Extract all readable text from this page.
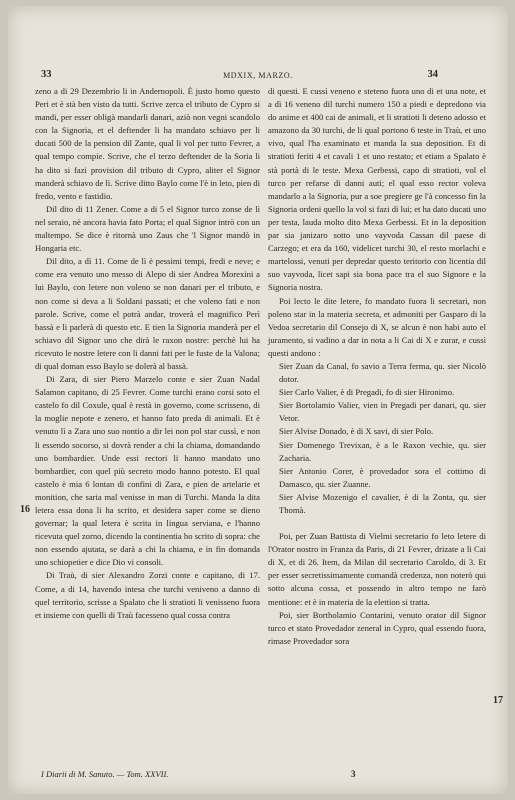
33	MDXIX, MARZO.	34

zeno a di 29 Dezembrio li in Andernopoli. È justo homo questo Peri et è stà ben visto da tutti. Scrive zerca el tributo de Cypro si mandi, per esser obligà mandarli danari, aziò non vegni scandolo con la Signoria, et el deftender li ha mandato schiavo per li ducati 500 de la pension dil Zante, qual li vol per tutto Fevrer, a qual tempo compie. Scrive, che el terzo deftender de la Soria li ha dito si fazi provision dil tributo di Cypro, aliter el Signor manderà schiavo de lì. Scrive ditto Baylo come l'è in leto, pien di fredo, vento e fastidio.

Dil dito di 11 Zener. Come a di 5 el Signor turco zonse de lì nel seraio, nè ancora havia fato Porta; el qual Signor intrò con un maltempo. Se dice è ritornà uno Zaus che 'l Signor mandò in Hongaria etc.

Dil dito, a dì 11. Come de lì è pessimi tempi, fredi e neve; e come era venuto uno messo di Alepo di sier Andrea Morexini a lui Baylo, con letere non voleno se non danari per el tributo, e non come si deva a li Soldani passati; et che voleno fati e non parole. Scrive, come el potrà andar, troverà el magnifico Perì bassà e li parlerà di questo etc. E tien la Signoria manderà per el schiavo dil Signor uno che dirà le raxon nostre: perchè lui ha ricevuto le nostre letere con li danni fati per le fuste de la Valona; di qual doman esso Baylo se dolerà al bassà.

Di Zara, di sier Piero Marzelo conte e sier Zuan Nadal Salamon capitano, di 25 Fevrer. Come turchi erano corsi soto el castelo fo dil Coxule, qual è restà in governo, come scrisseno, di la moglie nepote e zenero, et hanno fato preda di animali. Et è venuto lì a Zara uno suo nontio a dir lei non pol star cussì, e non li essendo socorso, si dovrà render a chi la chiama, domandando uno bombardier. Unde essi rectori li hanno mandato uno bombardier, con quel più secreto modo hanno potesto. El qual castelo è mia 6 lontan di confini di Zara, e pien de artelarie et monition, che saria mal venisse in man di Turchi. Manda la dita letera essa dona li ha scrito, et desidera saper come se dieno governar; la qual letera è scrita in lingua serviana, e l'hanno ricevuta quel zorno, dicendo la continentia ho scrito di sopra: che non essendo ajutata, se darà a chi la chiama, e in fin domanda uno schiopetier e dice Dio vi consoli.

Di Traù, di sier Alexandro Zorzi conte e capitano, di 17. Come, a di 14, havendo intesa che turchi veniveno a danno di quel territorio, scrisse a Spalato che li stratioti li venisseno fuora et insieme con quelli di Traù facesseno qual cossa contra

di questi. E cussì veneno e steteno fuora uno di et una note, et a dì 16 veneno dil turchi numero 150 a piedi e depredono via do anime et 400 cai de animali, et li stratioti li deteno adosso et amazono da 30 turchi, de li qual portono 6 teste in Traù, et uno vivo, qual l'ha examinato et manda la sua deposition. Et di stratioti feriti 4 et cavali 1 et uno restato; et etiam a Spalato è stà portà di le teste. Mexa Gerbessi, capo di stratioti, vol el turco per refarse di danni auti; el qual esso rector voleva mandarlo a la Signoria, pur a soe pregiere ge l'à concesso fin la Signoria ordeni quello la vol si fazi di lui; et ha dato ducati uno per testa, lauda molto dito Mexa Gerbessi. Et in la deposition par sia janizaro sotto uno vayvoda Cassan dil paese di Carzego; et era da 160, videlicet turchi 30, el resto morlachi e martelossi, venuti per depredar questo teritorio con licentia dil suo vayvoda, licet sapi sia bona pace tra el suo Signore e la Signoria nostra.

Poi lecto le dite letere, fo mandato fuora li secretari, non poleno star in la materia secreta, et admoniti per Gasparo di la Vedoa secretario dil Consejo di X, se alcun è non habi auto el juramento, si vadino a dar in nota a li Cai di X e zurar, e cussì questi andono :

Sier Zuan da Canal, fo savio a Terra ferma, qu. sier Nicolò dotor.

Sier Carlo Valier, è di Pregadi, fo di sier Hironimo.

Sier Bortolamio Valier, vien in Pregadi per danari, qu. sier Vetor.

Sier Alvise Donado, è di X savi, di sier Polo.

Sier Domenego Trevixan, è a le Raxon vechie, qu. sier Zacharia.

Sier Antonio Corer, è provedador sora el cottimo di Damasco, qu. sier Zuanne.

Sier Alvise Mozenigo el cavalier, è di la Zonta, qu. sier Thomà.

Poi, per Zuan Battista di Vielmi secretario fo leto letere di l'Orator nostro in Franza da Paris, di 21 Fevrer, drizate a li Cai di X, et di 26. Item, da Milan dil secretario Caroldo, di 3. Et per esser secretissimamente comandà credenza, non noterò qui sotto alcuna cossa, et possendo in altro tempo ne farò mentione: et è in materia de la elettion si tratta.

Poi, sier Bortholamio Contarini, venuto orator dil Signor turco et stato Provedador zeneral in Cypro, qual essendo fuora, rimase Provedador sora

16
17
I Diarii di M. Sanuto. — Tom. XXVII.	3
